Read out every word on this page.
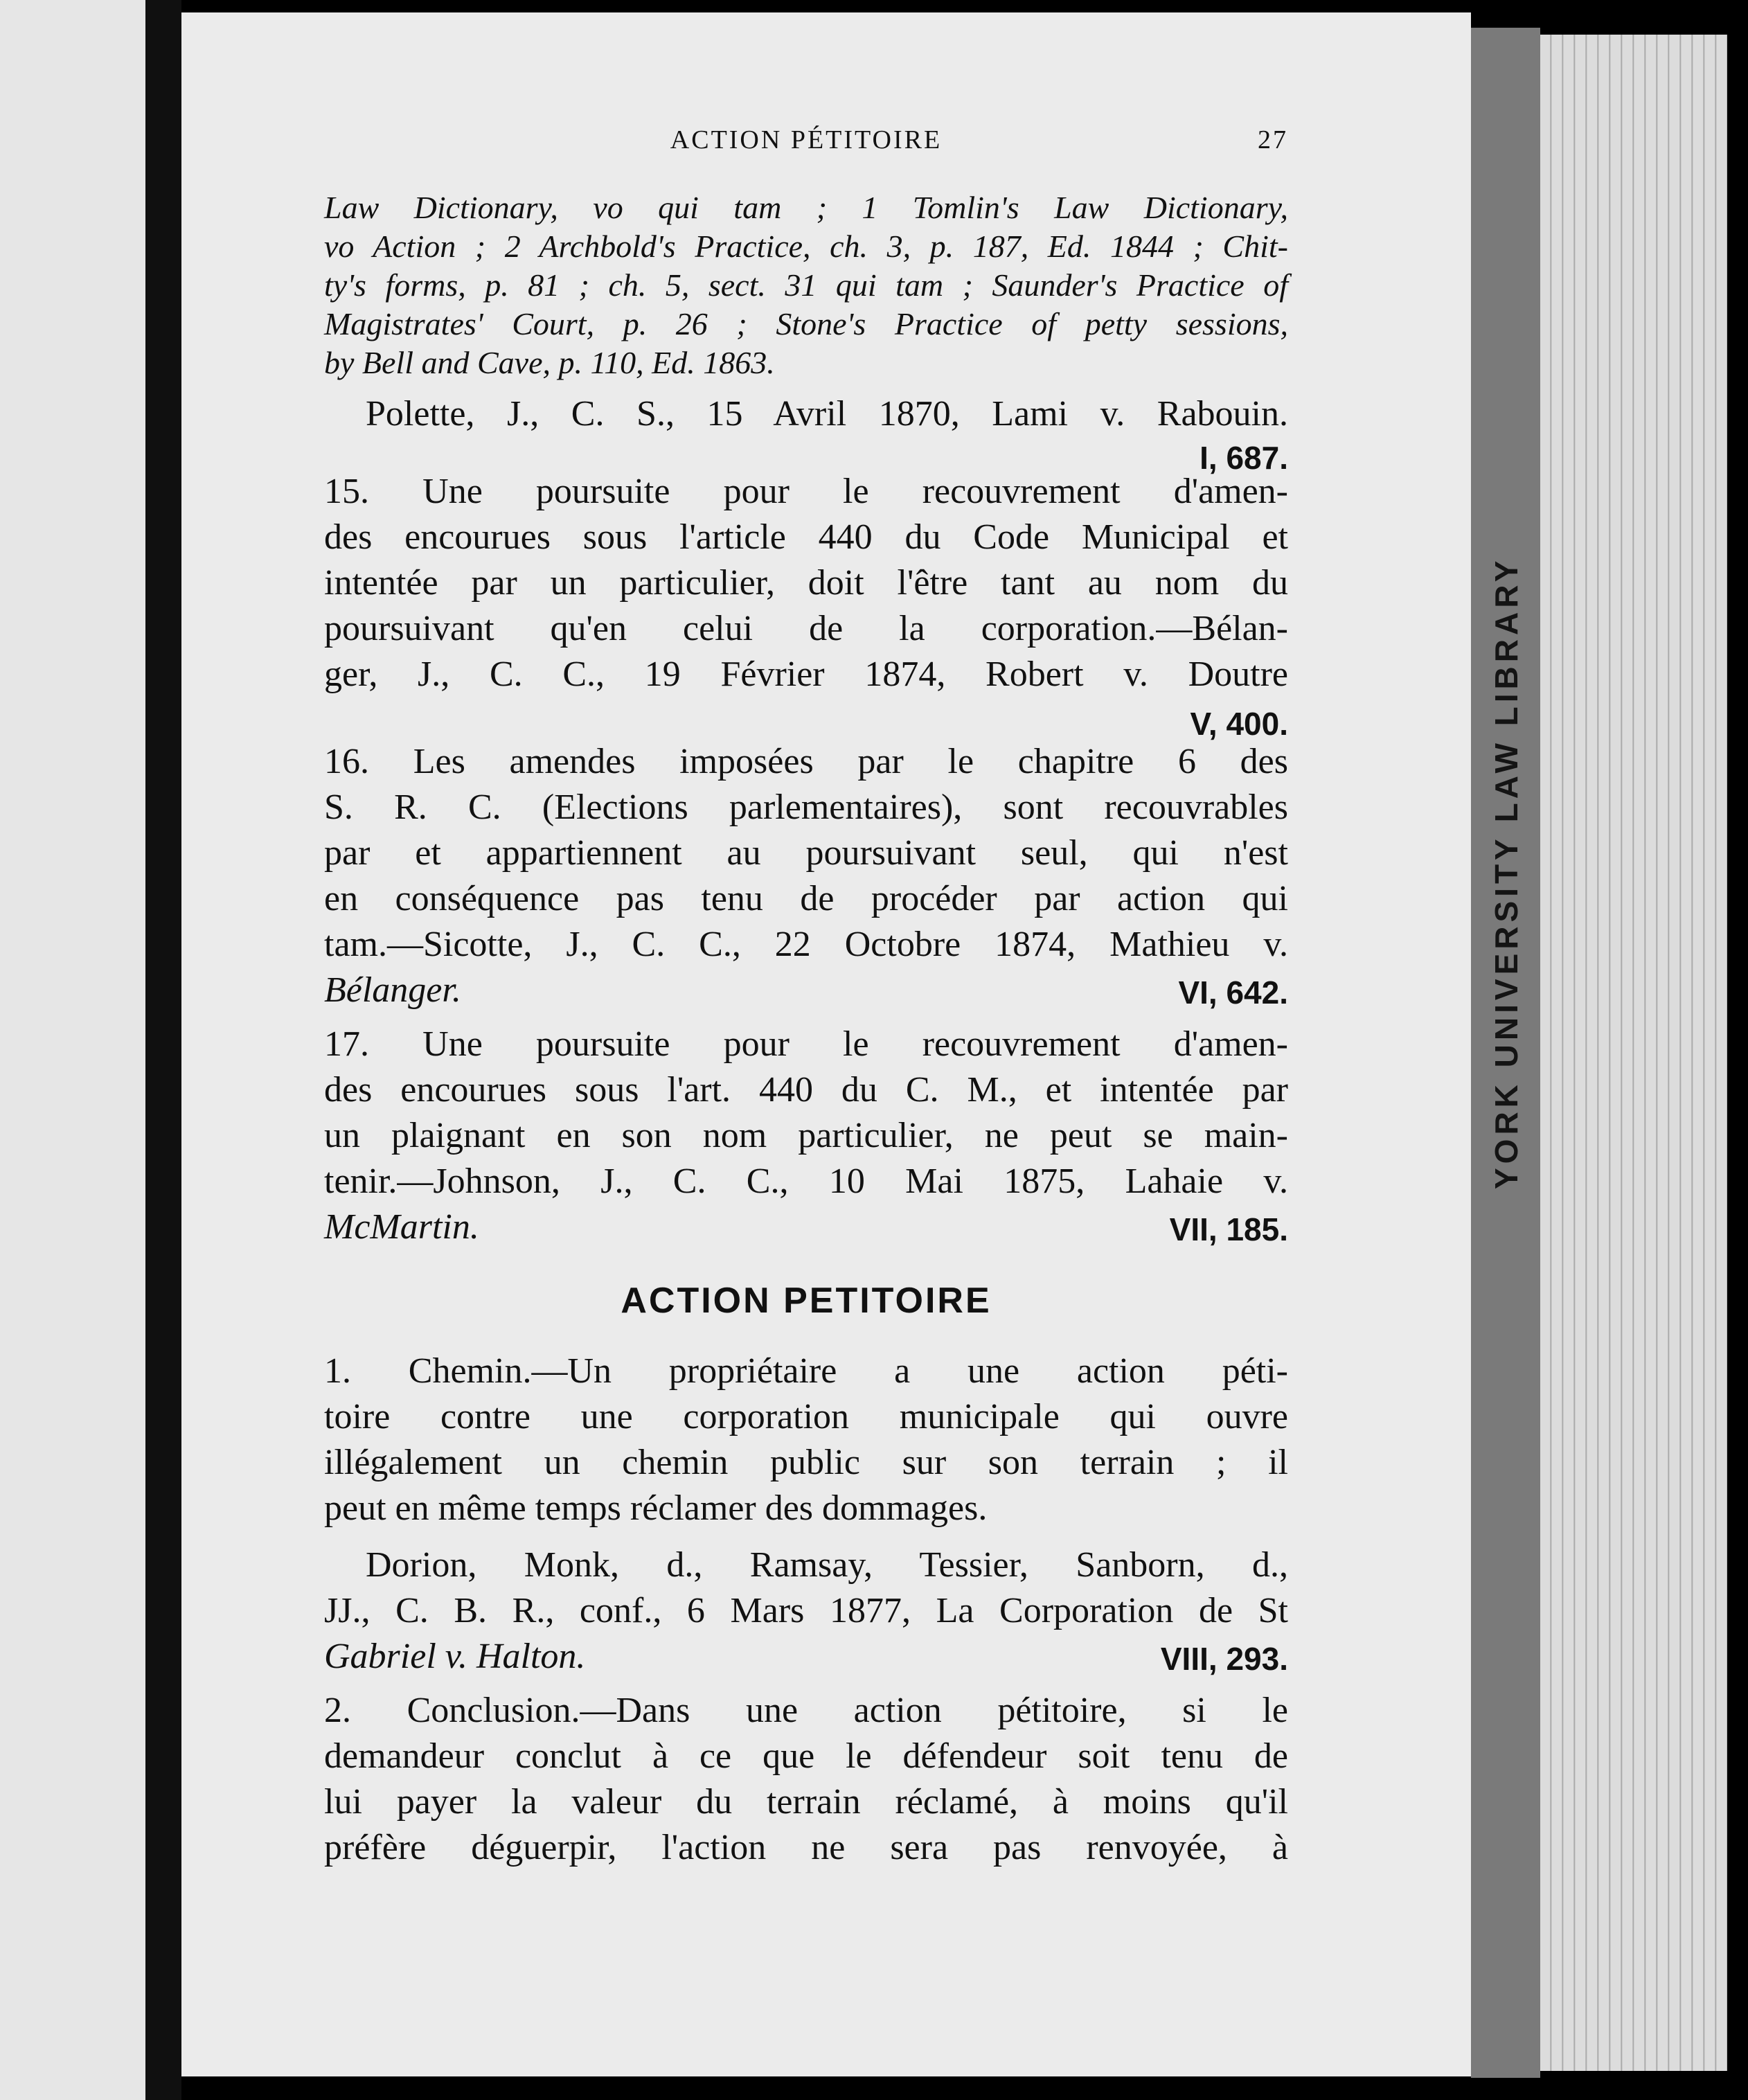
YORK UNIVERSITY LAW LIBRARY
ACTION PÉTITOIRE	27
Law Dictionary, vo qui tam ; 1 Tomlin's Law Dictionary,
vo Action ; 2 Archbold's Practice, ch. 3, p. 187, Ed. 1844 ; Chit-
ty's forms, p. 81 ; ch. 5, sect. 31 qui tam ; Saunder's Practice of
Magistrates' Court, p. 26 ; Stone's Practice of petty sessions,
by Bell and Cave, p. 110, Ed. 1863.
Polette, J., C. S., 15 Avril 1870, Lami v. Rabouin.
I, 687.
15. Une poursuite pour le recouvrement d'amen-
des encourues sous l'article 440 du Code Municipal et
intentée par un particulier, doit l'être tant au nom du
poursuivant qu'en celui de la corporation.—Bélan-
ger, J., C. C., 19 Février 1874, Robert v. Doutre
V, 400.
16. Les amendes imposées par le chapitre 6 des
S. R. C. (Elections parlementaires), sont recouvrables
par et appartiennent au poursuivant seul, qui n'est
en conséquence pas tenu de procéder par action qui
tam.—Sicotte, J., C. C., 22 Octobre 1874, Mathieu v.
Bélanger.	VI, 642.
17. Une poursuite pour le recouvrement d'amen-
des encourues sous l'art. 440 du C. M., et intentée par
un plaignant en son nom particulier, ne peut se main-
tenir.—Johnson, J., C. C., 10 Mai 1875, Lahaie v.
McMartin.	VII, 185.
ACTION PETITOIRE
1. Chemin.—Un propriétaire a une action péti-
toire contre une corporation municipale qui ouvre
illégalement un chemin public sur son terrain ; il
peut en même temps réclamer des dommages.
Dorion, Monk, d., Ramsay, Tessier, Sanborn, d.,
JJ., C. B. R., conf., 6 Mars 1877, La Corporation de St
Gabriel v. Halton.	VIII, 293.
2. Conclusion.—Dans une action pétitoire, si le
demandeur conclut à ce que le défendeur soit tenu de
lui payer la valeur du terrain réclamé, à moins qu'il
préfère déguerpir, l'action ne sera pas renvoyée, à
